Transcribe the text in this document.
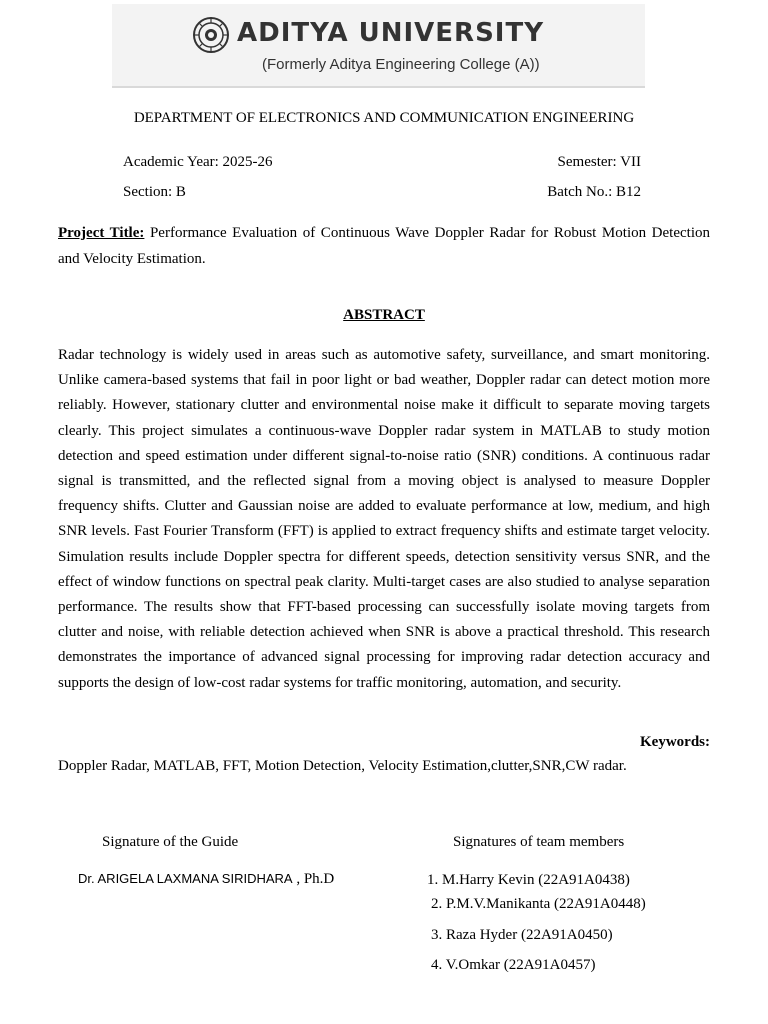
ADITYA UNIVERSITY
(Formerly Aditya Engineering College (A))
DEPARTMENT OF ELECTRONICS AND COMMUNICATION ENGINEERING
Academic Year: 2025-26	Semester: VII
Section: B	Batch No.: B12
Project Title: Performance Evaluation of Continuous Wave Doppler Radar for Robust Motion Detection and Velocity Estimation.
ABSTRACT
Radar technology is widely used in areas such as automotive safety, surveillance, and smart monitoring. Unlike camera-based systems that fail in poor light or bad weather, Doppler radar can detect motion more reliably. However, stationary clutter and environmental noise make it difficult to separate moving targets clearly. This project simulates a continuous-wave Doppler radar system in MATLAB to study motion detection and speed estimation under different signal-to-noise ratio (SNR) conditions. A continuous radar signal is transmitted, and the reflected signal from a moving object is analysed to measure Doppler frequency shifts. Clutter and Gaussian noise are added to evaluate performance at low, medium, and high SNR levels. Fast Fourier Transform (FFT) is applied to extract frequency shifts and estimate target velocity. Simulation results include Doppler spectra for different speeds, detection sensitivity versus SNR, and the effect of window functions on spectral peak clarity. Multi-target cases are also studied to analyse separation performance. The results show that FFT-based processing can successfully isolate moving targets from clutter and noise, with reliable detection achieved when SNR is above a practical threshold. This research demonstrates the importance of advanced signal processing for improving radar detection accuracy and supports the design of low-cost radar systems for traffic monitoring, automation, and security.
Keywords:
Doppler Radar, MATLAB, FFT, Motion Detection, Velocity Estimation,clutter,SNR,CW radar.
Signature of the Guide	Signatures of team members
Dr. ARIGELA LAXMANA SIRIDHARA , Ph.D	1. M.Harry Kevin (22A91A0438)
2. P.M.V.Manikanta (22A91A0448)
3. Raza Hyder (22A91A0450)
4. V.Omkar (22A91A0457)
